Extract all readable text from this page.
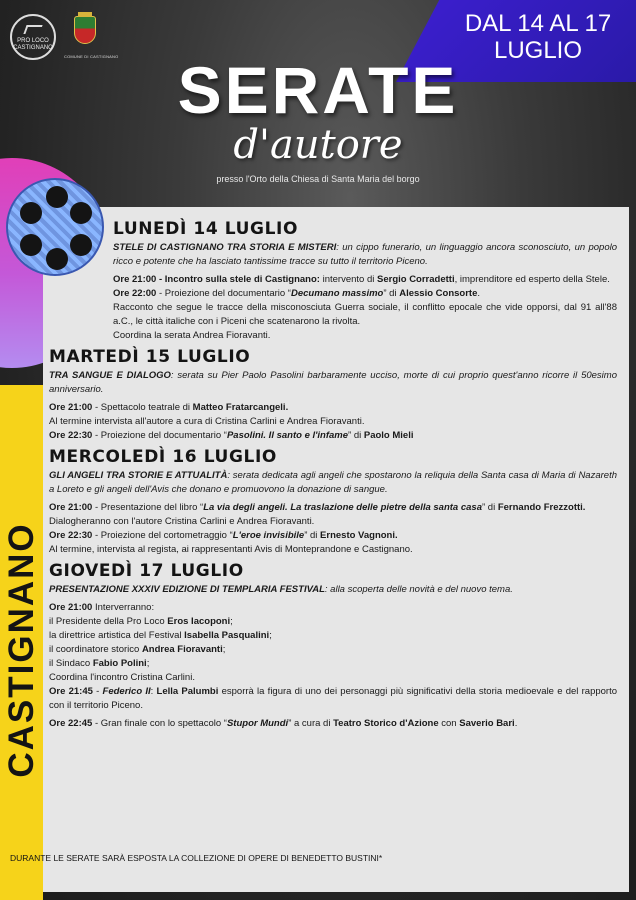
DAL 14 AL 17
LUGLIO
PRO LOCO CASTIGNANO
COMUNE DI CASTIGNANO SERATE
d'autore
presso l'Orto della Chiesa di Santa Maria del borgo
CASTIGNANO
LUNEDÌ 14 LUGLIO

STELE DI CASTIGNANO TRA STORIA E MISTERI: un cippo funerario, un linguaggio ancora sconosciuto, un popolo ricco e potente che ha lasciato tantissime tracce su tutto il territorio Piceno.

Ore 21:00 - Incontro sulla stele di Castignano: intervento di Sergio Corradetti, imprenditore ed esperto della Stele.

Ore 22:00 - Proiezione del documentario “Decumano massimo” di Alessio Consorte.

Racconto che segue le tracce della misconosciuta Guerra sociale, il conflitto epocale che vide opporsi, dal 91 all'88 a.C., le città italiche con i Piceni che scatenarono la rivolta.

Coordina la serata Andrea Fioravanti.

MARTEDÌ 15 LUGLIO

TRA SANGUE E DIALOGO: serata su Pier Paolo Pasolini barbaramente ucciso, morte di cui proprio quest'anno ricorre il 50esimo anniversario.

Ore 21:00 - Spettacolo teatrale di Matteo Fratarcangeli.

Al termine intervista all'autore a cura di Cristina Carlini e Andrea Fioravanti.

Ore 22:30 - Proiezione del documentario “Pasolini. Il santo e l'infame” di Paolo Mieli

MERCOLEDÌ 16 LUGLIO

GLI ANGELI TRA STORIE E ATTUALITÀ: serata dedicata agli angeli che spostarono la reliquia della Santa casa di Maria di Nazareth a Loreto e gli angeli dell'Avis che donano e promuovono la donazione di sangue.

Ore 21:00 - Presentazione del libro “La via degli angeli. La traslazione delle pietre della santa casa” di Fernando Frezzotti.

Dialogheranno con l'autore Cristina Carlini e Andrea Fioravanti.

Ore 22:30 - Proiezione del cortometraggio “L'eroe invisibile” di Ernesto Vagnoni.

Al termine, intervista al regista, ai rappresentanti Avis di Monteprandone e Castignano.

GIOVEDÌ 17 LUGLIO

PRESENTAZIONE XXXIV EDIZIONE DI TEMPLARIA FESTIVAL: alla scoperta delle novità e del nuovo tema.

Ore 21:00 Interverranno:

il Presidente della Pro Loco Eros Iacoponi;

la direttrice artistica del Festival Isabella Pasqualini;

il coordinatore storico Andrea Fioravanti;

il Sindaco Fabio Polini;

Coordina l'incontro Cristina Carlini.

Ore 21:45 - Federico II: Lella Palumbi esporrà la figura di uno dei personaggi più significativi della storia medioevale e del rapporto con il territorio Piceno.

Ore 22:45 - Gran finale con lo spettacolo “Stupor Mundi” a cura di Teatro Storico d'Azione con Saverio Bari.

DURANTE LE SERATE SARÀ ESPOSTA LA COLLEZIONE DI OPERE DI BENEDETTO BUSTINI*
